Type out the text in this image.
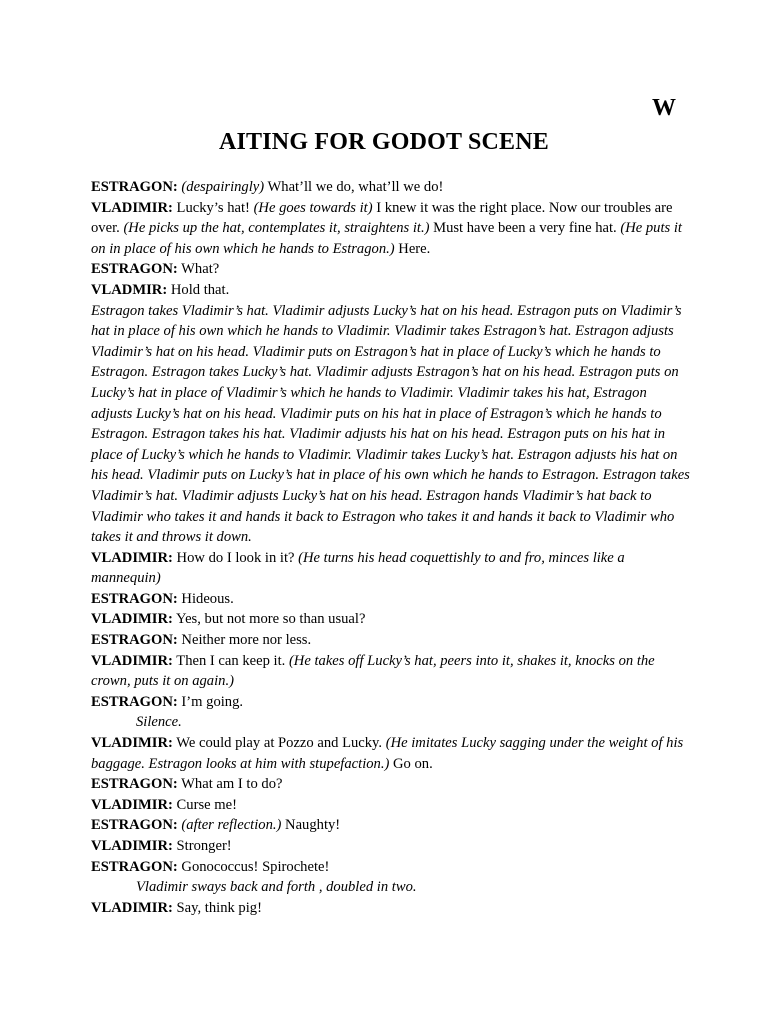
W
AITING FOR GODOT SCENE

ESTRAGON: (despairingly) What’ll we do, what’ll we do!

VLADIMIR: Lucky’s hat! (He goes towards it) I knew it was the right place. Now our troubles are over. (He picks up the hat, contemplates it, straightens it.) Must have been a very fine hat. (He puts it on in place of his own which he hands to Estragon.) Here.

ESTRAGON: What?

VLADMIR: Hold that.

Estragon takes Vladimir’s hat. Vladimir adjusts Lucky’s hat on his head. Estragon puts on Vladimir’s hat in place of his own which he hands to Vladimir. Vladimir takes Estragon’s hat. Estragon adjusts Vladimir’s hat on his head. Vladimir puts on Estragon’s hat in place of Lucky’s which he hands to Estragon. Estragon takes Lucky’s hat. Vladimir adjusts Estragon’s hat on his head. Estragon puts on Lucky’s hat in place of Vladimir’s which he hands to Vladimir. Vladimir takes his hat, Estragon adjusts Lucky’s hat on his head. Vladimir puts on his hat in place of Estragon’s which he hands to Estragon. Estragon takes his hat. Vladimir adjusts his hat on his head. Estragon puts on his hat in place of Lucky’s which he hands to Vladimir. Vladimir takes Lucky’s hat. Estragon adjusts his hat on his head. Vladimir puts on Lucky’s hat in place of his own which he hands to Estragon. Estragon takes Vladimir’s hat. Vladimir adjusts Lucky’s hat on his head. Estragon hands Vladimir’s hat back to Vladimir who takes it and hands it back to Estragon who takes it and hands it back to Vladimir who takes it and throws it down.

VLADIMIR: How do I look in it? (He turns his head coquettishly to and fro, minces like a mannequin)

ESTRAGON: Hideous.

VLADIMIR: Yes, but not more so than usual?

ESTRAGON: Neither more nor less.

VLADIMIR: Then I can keep it. (He takes off Lucky’s hat, peers into it, shakes it, knocks on the crown, puts it on again.)

ESTRAGON: I’m going.

Silence.

VLADIMIR: We could play at Pozzo and Lucky. (He imitates Lucky sagging under the weight of his baggage. Estragon looks at him with stupefaction.) Go on.

ESTRAGON: What am I to do?

VLADIMIR: Curse me!

ESTRAGON: (after reflection.) Naughty!

VLADIMIR: Stronger!

ESTRAGON: Gonococcus! Spirochete!

Vladimir sways back and forth , doubled in two.

VLADIMIR: Say, think pig!
